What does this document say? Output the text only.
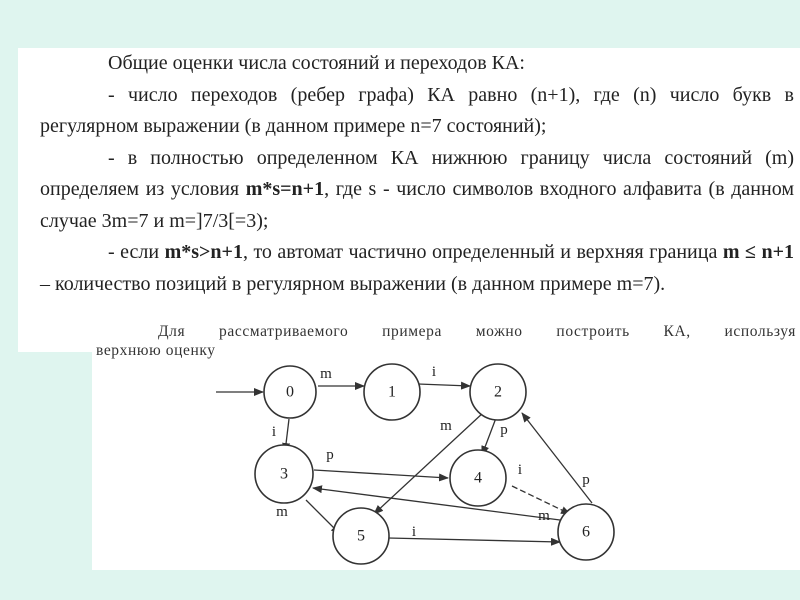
Общие оценки числа состояний и переходов КА:

- число переходов (ребер графа) КА равно (n+1), где (n) число букв в регулярном выражении (в данном примере n=7 состояний);

- в полностью определенном КА нижнюю границу числа состояний (m) определяем из условия m*s=n+1, где s - число символов входного алфавита (в данном случае 3m=7 и m=]7/3[=3);

- если m*s>n+1, то автомат частично определенный и верхняя граница m ≤ n+1 – количество позиций в регулярном выражении (в данном примере m=7).

Для рассматриваемого примера можно построить КА, используя
верхнюю оценку
m	i
i	m	p
p
i
p
m
m
i
0	1	2
3	4
5	6
